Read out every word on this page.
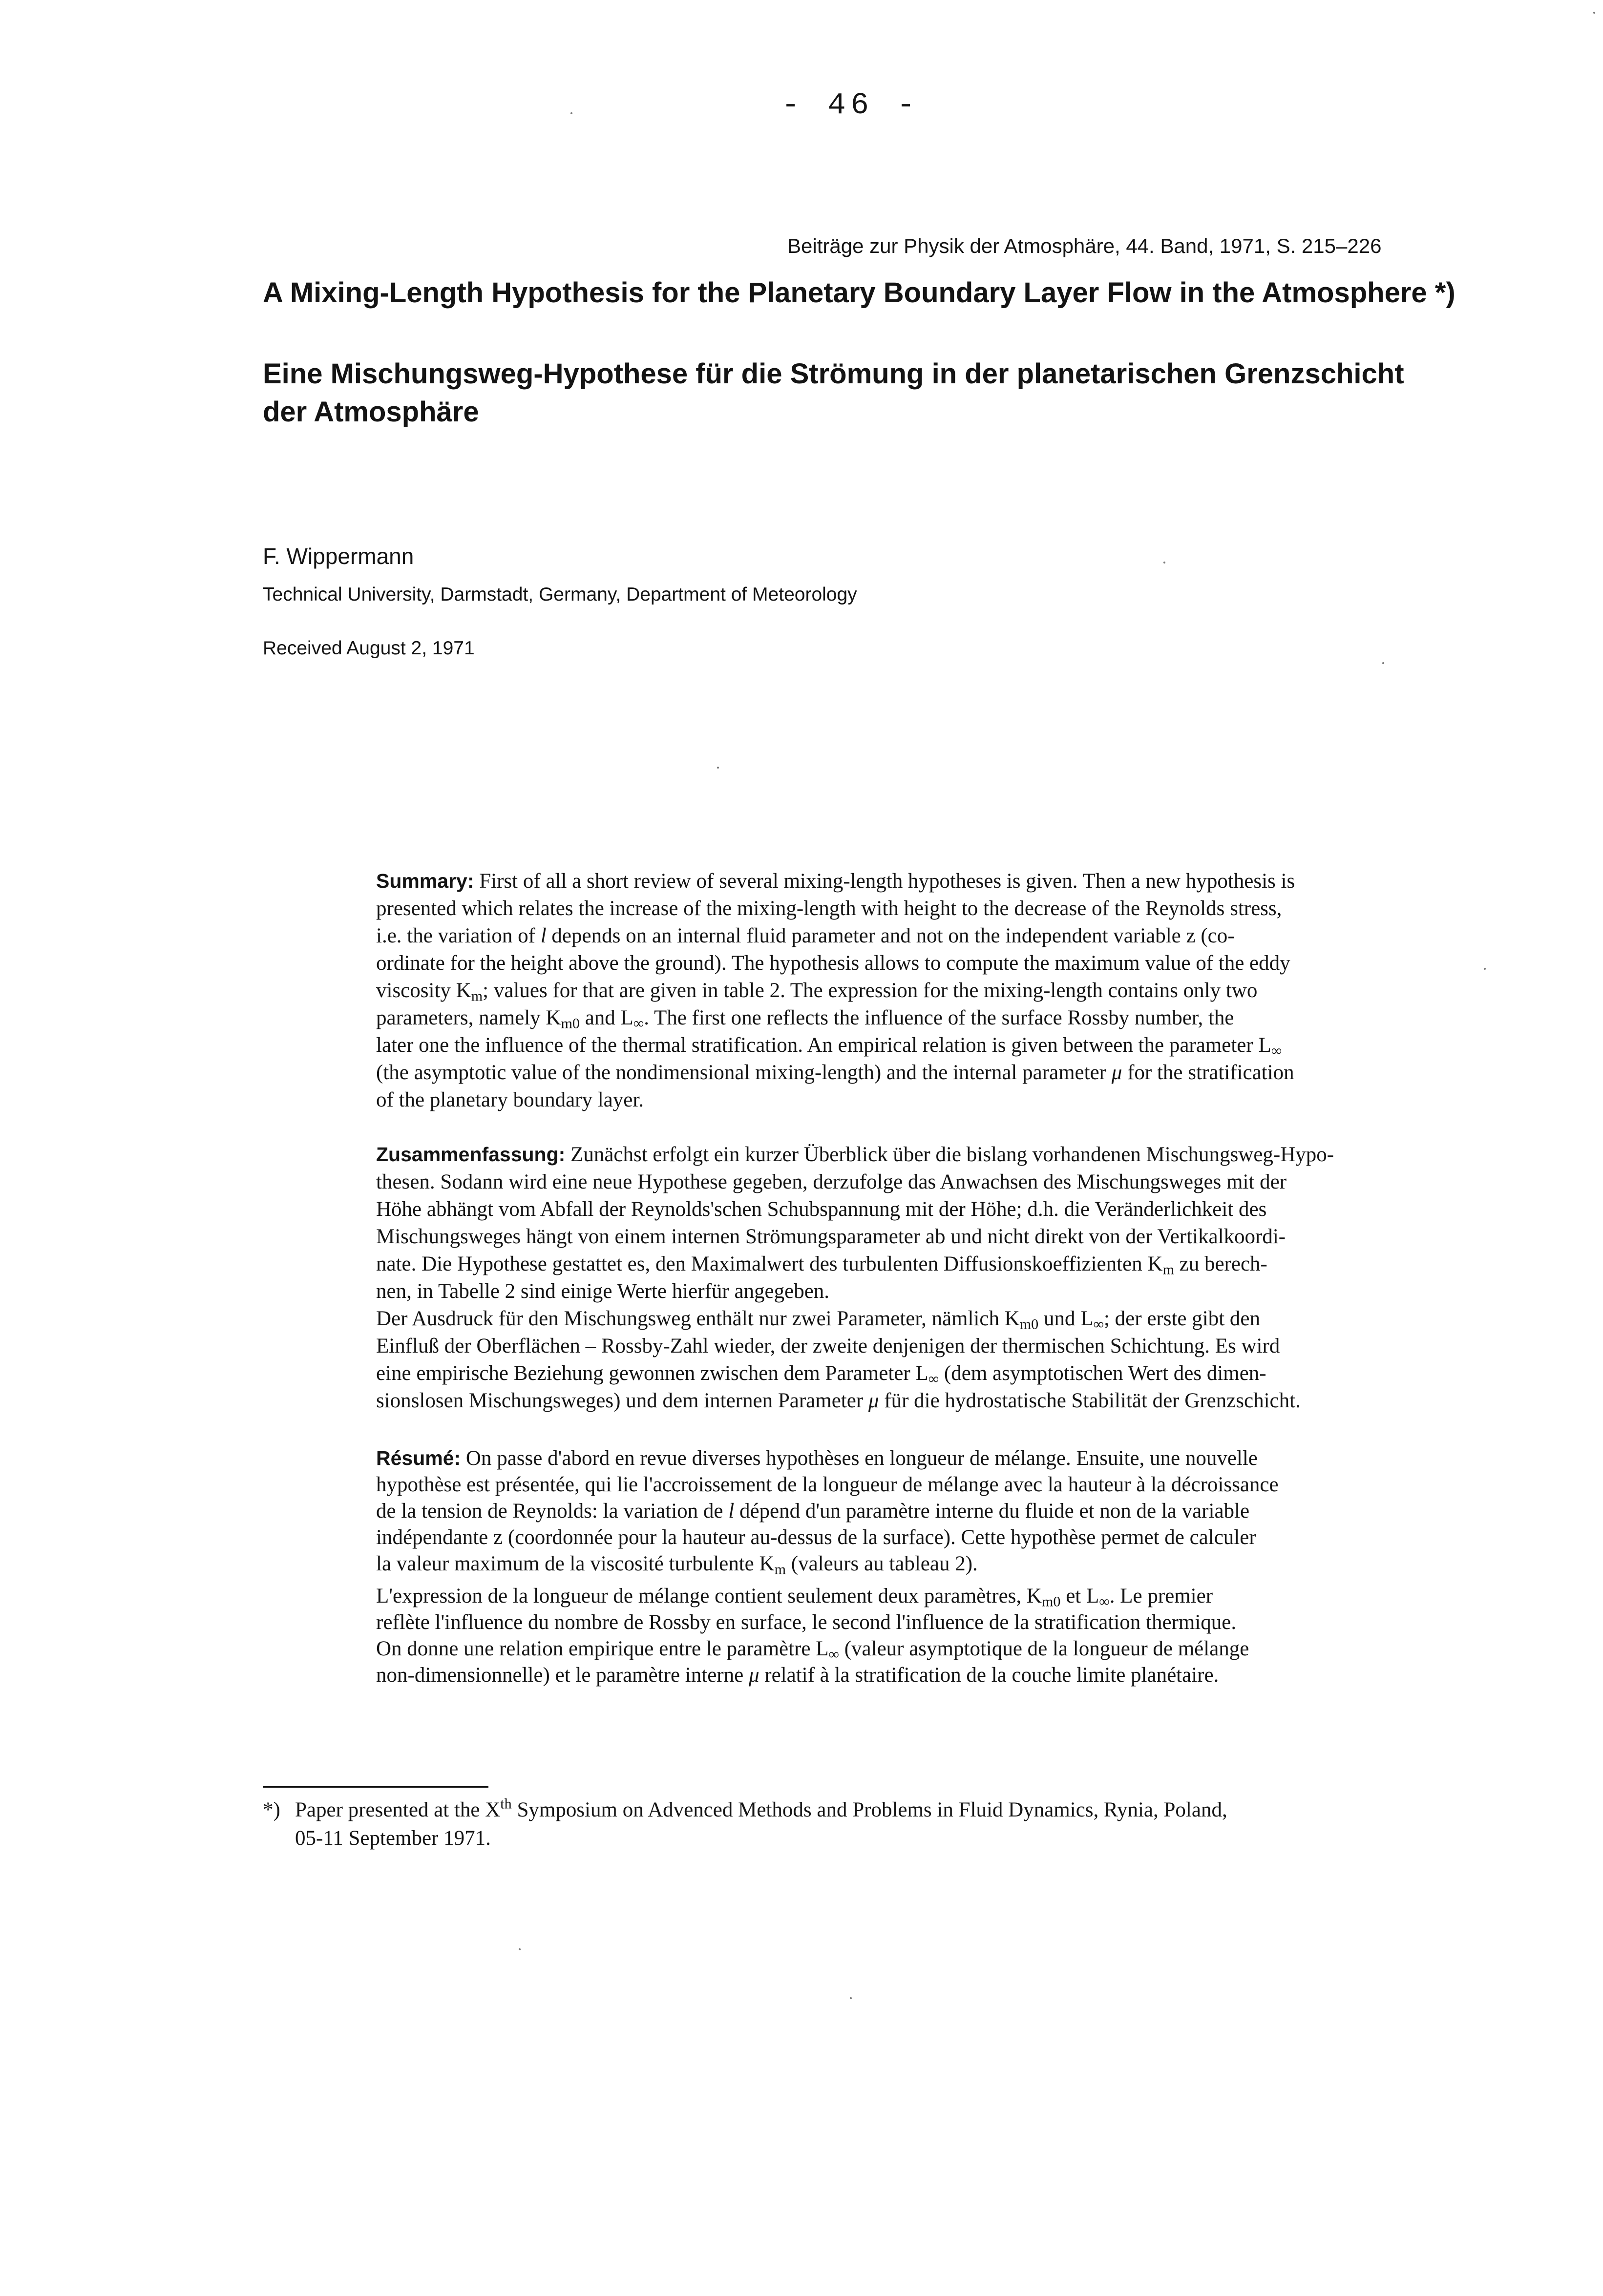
- 46 -
Beiträge zur Physik der Atmosphäre, 44. Band, 1971, S. 215–226
A Mixing-Length Hypothesis for the Planetary Boundary Layer Flow in the Atmosphere *)
Eine Mischungsweg-Hypothese für die Strömung in der planetarischen Grenzschicht
der Atmosphäre
F. Wippermann
Technical University, Darmstadt, Germany, Department of Meteorology
Received August 2, 1971
Summary: First of all a short review of several mixing-length hypotheses is given. Then a new hypothesis is
presented which relates the increase of the mixing-length with height to the decrease of the Reynolds stress,
i.e. the variation of l depends on an internal fluid parameter and not on the independent variable z (co-
ordinate for the height above the ground). The hypothesis allows to compute the maximum value of the eddy
viscosity $K_m$; values for that are given in table 2. The expression for the mixing-length contains only two
parameters, namely $K_{m0}$ and $L_\infty$. The first one reflects the influence of the surface Rossby number, the
later one the influence of the thermal stratification. An empirical relation is given between the parameter $L_\infty$
(the asymptotic value of the nondimensional mixing-length) and the internal parameter μ for the stratification
of the planetary boundary layer.
Zusammenfassung: Zunächst erfolgt ein kurzer Überblick über die bislang vorhandenen Mischungsweg-Hypo-
thesen. Sodann wird eine neue Hypothese gegeben, derzufolge das Anwachsen des Mischungsweges mit der
Höhe abhängt vom Abfall der Reynolds'schen Schubspannung mit der Höhe; d.h. die Veränderlichkeit des
Mischungsweges hängt von einem internen Strömungsparameter ab und nicht direkt von der Vertikalkoordi-
nate. Die Hypothese gestattet es, den Maximalwert des turbulenten Diffusionskoeffizienten $K_m$ zu berech-
nen, in Tabelle 2 sind einige Werte hierfür angegeben.
Der Ausdruck für den Mischungsweg enthält nur zwei Parameter, nämlich $K_{m0}$ und $L_\infty$; der erste gibt den
Einfluß der Oberflächen – Rossby-Zahl wieder, der zweite denjenigen der thermischen Schichtung. Es wird
eine empirische Beziehung gewonnen zwischen dem Parameter $L_\infty$ (dem asymptotischen Wert des dimen-
sionslosen Mischungsweges) und dem internen Parameter μ für die hydrostatische Stabilität der Grenzschicht.
Résumé: On passe d'abord en revue diverses hypothèses en longueur de mélange. Ensuite, une nouvelle
hypothèse est présentée, qui lie l'accroissement de la longueur de mélange avec la hauteur à la décroissance
de la tension de Reynolds: la variation de l dépend d'un paramètre interne du fluide et non de la variable
indépendante z (coordonnée pour la hauteur au-dessus de la surface). Cette hypothèse permet de calculer
la valeur maximum de la viscosité turbulente $K_m$ (valeurs au tableau 2).
L'expression de la longueur de mélange contient seulement deux paramètres, $K_{m0}$ et $L_\infty$. Le premier
reflète l'influence du nombre de Rossby en surface, le second l'influence de la stratification thermique.
On donne une relation empirique entre le paramètre $L_\infty$ (valeur asymptotique de la longueur de mélange
non-dimensionnelle) et le paramètre interne μ relatif à la stratification de la couche limite planétaire.
*) Paper presented at the Xth Symposium on Advenced Methods and Problems in Fluid Dynamics, Rynia, Poland,
05-11 September 1971.
